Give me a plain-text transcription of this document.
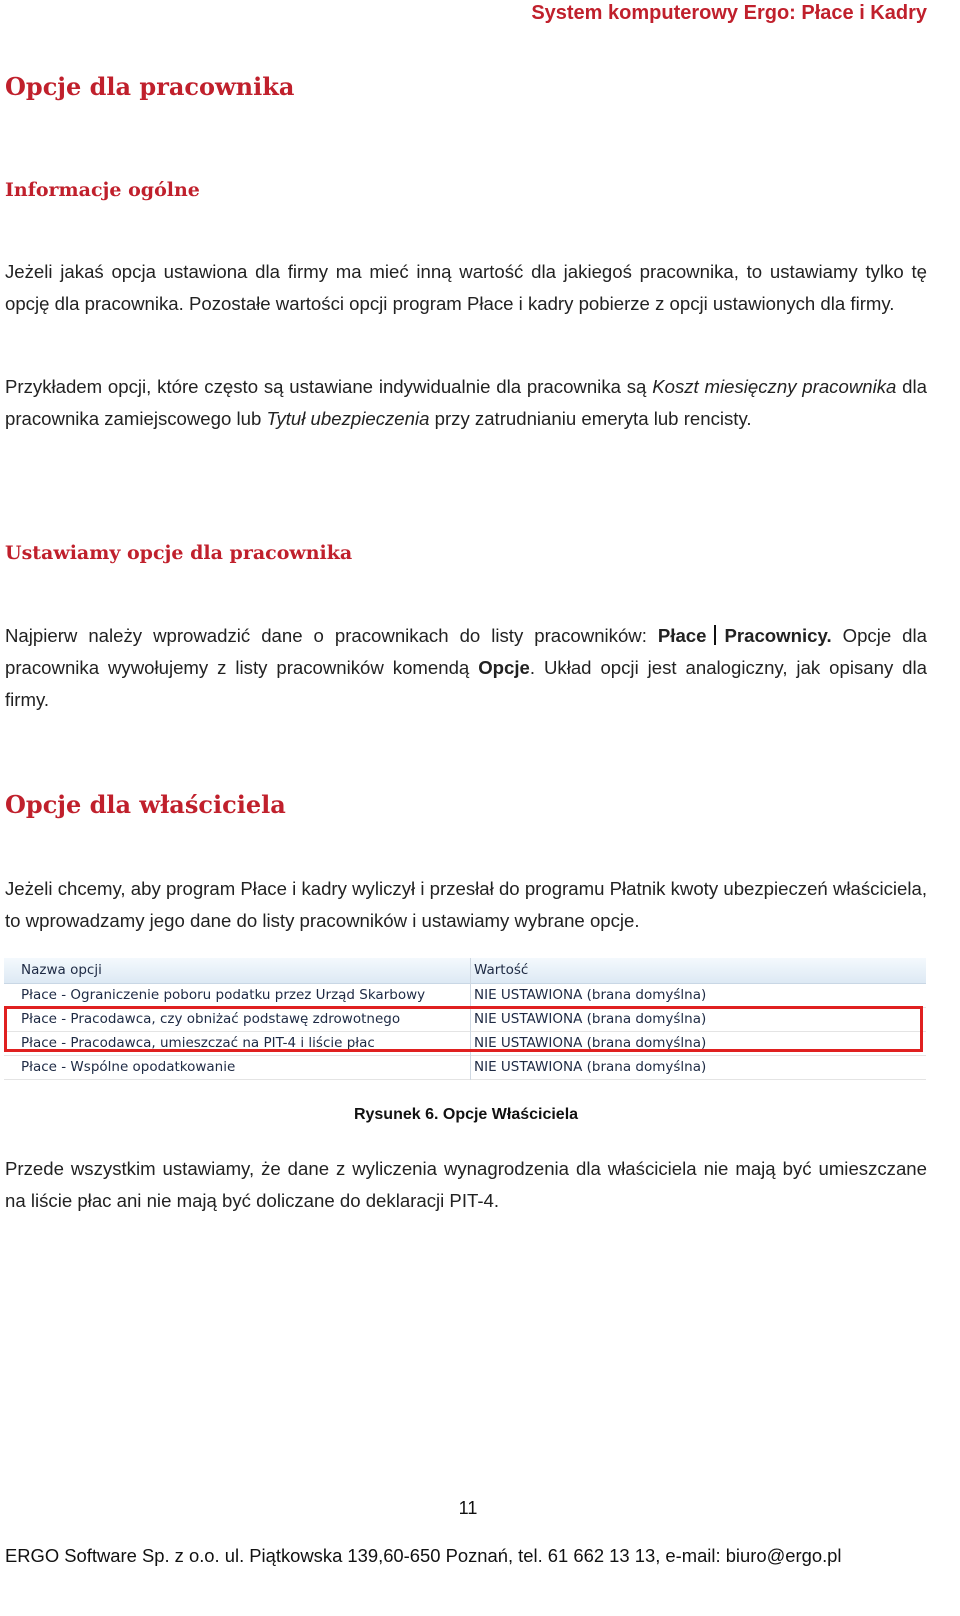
System komputerowy Ergo: Płace i Kadry
Opcje dla pracownika
Informacje ogólne

Jeżeli jakaś opcja ustawiona dla firmy ma mieć inną wartość dla jakiegoś pracownika, to ustawiamy tylko tę opcję dla pracownika. Pozostałe wartości opcji program Płace i kadry pobierze z opcji ustawionych dla firmy.

Przykładem opcji, które często są ustawiane indywidualnie dla pracownika są Koszt miesięczny pracownika dla pracownika zamiejscowego lub Tytuł ubezpieczenia przy zatrudnianiu emeryta lub rencisty.

Ustawiamy opcje dla pracownika

Najpierw należy wprowadzić dane o pracownikach do listy pracowników: Płace Pracownicy. Opcje dla pracownika wywołujemy z listy pracowników komendą Opcje. Układ opcji jest analogiczny, jak opisany dla firmy.

Opcje dla właściciela

Jeżeli chcemy, aby program Płace i kadry wyliczył i przesłał do programu Płatnik kwoty ubezpieczeń właściciela, to wprowadzamy jego dane do listy pracowników i ustawiamy wybrane opcje.

Nazwa opcji	Wartość
Płace - Ograniczenie poboru podatku przez Urząd Skarbowy	NIE USTAWIONA (brana domyślna)
Płace - Pracodawca, czy obniżać podstawę zdrowotnego	NIE USTAWIONA (brana domyślna)
Płace - Pracodawca, umieszczać na PIT-4 i liście płac	NIE USTAWIONA (brana domyślna)
Płace - Wspólne opodatkowanie	NIE USTAWIONA (brana domyślna)
Rysunek 6. Opcje Właściciela

Przede wszystkim ustawiamy, że dane z wyliczenia wynagrodzenia dla właściciela nie mają być umieszczane na liście płac ani nie mają być doliczane do deklaracji PIT-4.

11
ERGO Software Sp. z o.o. ul. Piątkowska 139,60-650 Poznań, tel. 61 662 13 13, e-mail: biuro@ergo.pl
